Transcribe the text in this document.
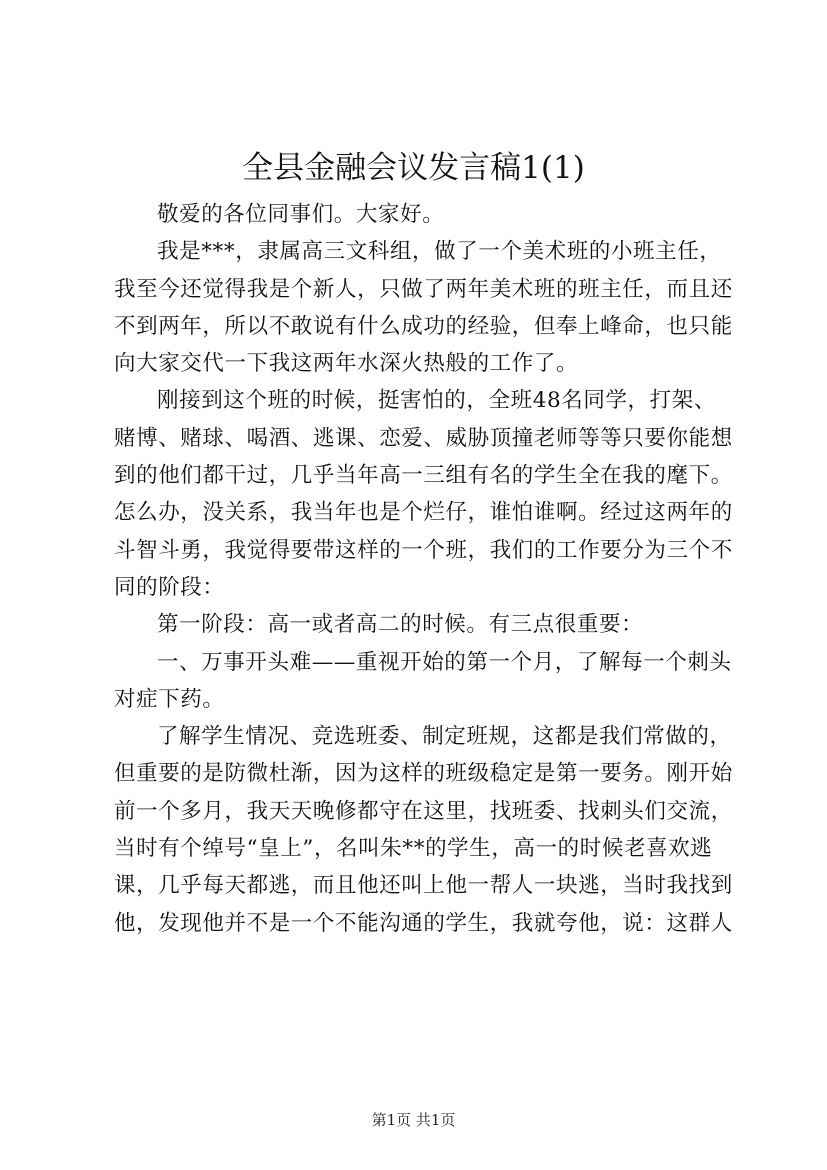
全县金融会议发言稿1(1)
敬爱的各位同事们。大家好。
我是***，隶属高三文科组，做了一个美术班的小班主任，
我至今还觉得我是个新人，只做了两年美术班的班主任，而且还
不到两年，所以不敢说有什么成功的经验，但奉上峰命，也只能
向大家交代一下我这两年水深火热般的工作了。
刚接到这个班的时候，挺害怕的，全班48名同学，打架、
赌博、赌球、喝酒、逃课、恋爱、威胁顶撞老师等等只要你能想
到的他们都干过，几乎当年高一三组有名的学生全在我的麾下。
怎么办，没关系，我当年也是个烂仔，谁怕谁啊。经过这两年的
斗智斗勇，我觉得要带这样的一个班，我们的工作要分为三个不
同的阶段：
第一阶段：高一或者高二的时候。有三点很重要：
一、万事开头难——重视开始的第一个月，了解每一个刺头
对症下药。
了解学生情况、竞选班委、制定班规，这都是我们常做的，
但重要的是防微杜渐，因为这样的班级稳定是第一要务。刚开始
前一个多月，我天天晚修都守在这里，找班委、找刺头们交流，
当时有个绰号“皇上”，名叫朱**的学生，高一的时候老喜欢逃
课，几乎每天都逃，而且他还叫上他一帮人一块逃，当时我找到
他，发现他并不是一个不能沟通的学生，我就夸他，说：这群人
第1页 共1页
